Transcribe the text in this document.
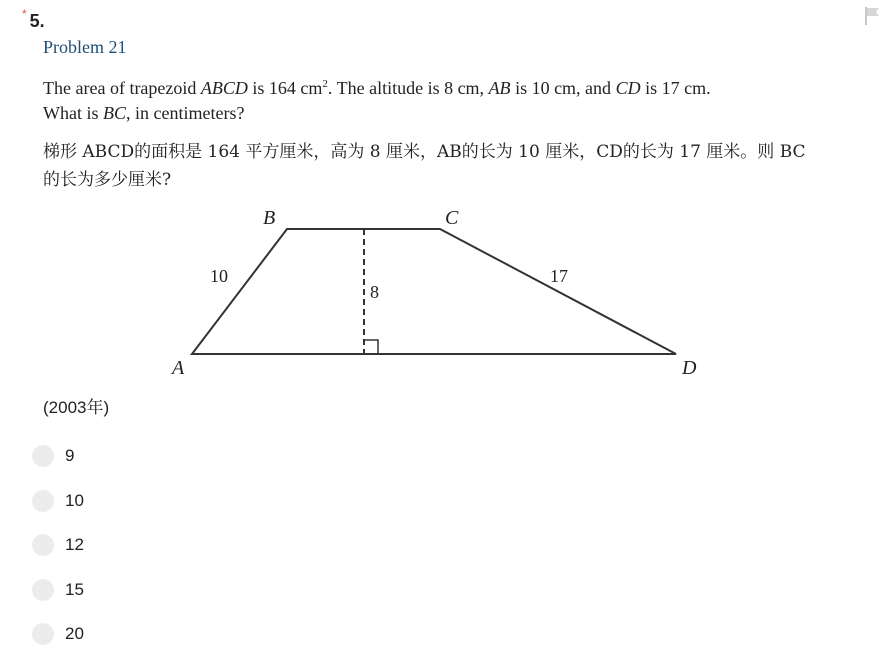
* 5.
Problem 21
The area of trapezoid ABCD is 164 $cm^2$. The altitude is 8 cm, AB is 10 cm, and CD is 17 cm.
What is BC, in centimeters?
梯形 ABCD的面积是 164 平方厘米，高为 8 厘米，AB的长为 10 厘米，CD的长为 17 厘米。则 BC
的长为多少厘米?
A
B	C
D
10	17
8
(2003年)
9
10
12
15
20
